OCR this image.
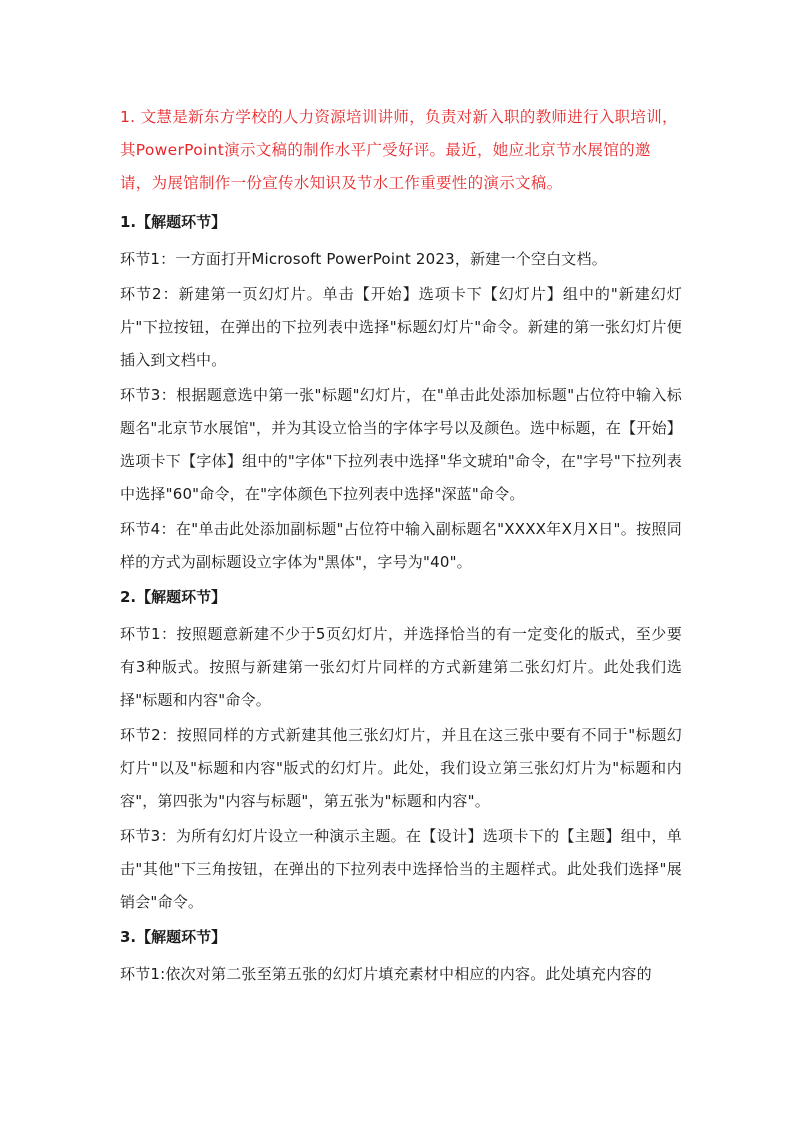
1. 文慧是新东方学校的人力资源培训讲师，负责对新入职的教师进行入职培训，其PowerPoint演示文稿的制作水平广受好评。最近，她应北京节水展馆的邀请，为展馆制作一份宣传水知识及节水工作重要性的演示文稿。

1.【解题环节】

环节1：一方面打开Microsoft PowerPoint 2023，新建一个空白文档。

环节2：新建第一页幻灯片。单击【开始】选项卡下【幻灯片】组中的"新建幻灯片"下拉按钮，在弹出的下拉列表中选择"标题幻灯片"命令。新建的第一张幻灯片便插入到文档中。

环节3：根据题意选中第一张"标题"幻灯片，在"单击此处添加标题"占位符中输入标题名"北京节水展馆"，并为其设立恰当的字体字号以及颜色。选中标题，在【开始】选项卡下【字体】组中的"字体"下拉列表中选择"华文琥珀"命令，在"字号"下拉列表中选择"60"命令，在"字体颜色下拉列表中选择"深蓝"命令。

环节4：在"单击此处添加副标题"占位符中输入副标题名"XXXX年X月X日"。按照同样的方式为副标题设立字体为"黑体"，字号为"40"。

2.【解题环节】

环节1：按照题意新建不少于5页幻灯片，并选择恰当的有一定变化的版式，至少要有3种版式。按照与新建第一张幻灯片同样的方式新建第二张幻灯片。此处我们选择"标题和内容"命令。

环节2：按照同样的方式新建其他三张幻灯片，并且在这三张中要有不同于"标题幻灯片"以及"标题和内容"版式的幻灯片。此处，我们设立第三张幻灯片为"标题和内容"，第四张为"内容与标题"，第五张为"标题和内容"。

环节3：为所有幻灯片设立一种演示主题。在【设计】选项卡下的【主题】组中，单击"其他"下三角按钮，在弹出的下拉列表中选择恰当的主题样式。此处我们选择"展销会"命令。

3.【解题环节】

环节1:依次对第二张至第五张的幻灯片填充素材中相应的内容。此处填充内容的
